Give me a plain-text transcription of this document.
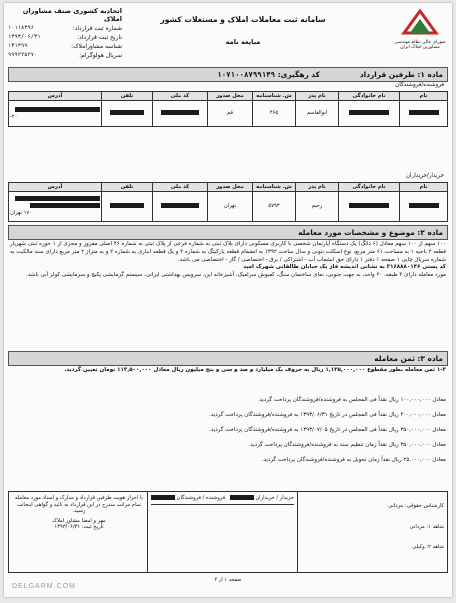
شورای عالی نظام مهندسی مشاورین املاک ایران
سامانه ثبت معاملات املاک و مستغلات کشور
مبایعه نامه
اتحادیه کشوری صنف مشاوران املاک
شماره ثبت قرارداد:
۱۰۱۱۸۳۹۶
تاریخ ثبت قرارداد:
۱۳۹۳/۰۶/۳۱
شناسه مشاوراملاک:
۱۳۱۳۹۹
سریال هولوگرام:
۹۹۹۲۲۵۲۷۰
ماده ۱: طرفین قرارداد
کد رهگیری: ۱۰۷۱۰۰۸۷۹۹۱۴۹
فروشنده/فروشندگان
نام	نام خانوادگی	نام پدر	ش. شناسنامه	محل صدور	کد ملی	تلفن	آدرس
		ابوالقاسم	۴۶۵	قم			۲۰-
خریدار/خریداران
نام	نام خانوادگی	نام پدر	ش. شناسنامه	محل صدور	کد ملی	تلفن	آدرس
		رحیم	۵۷۹۳	تهران			۱۷۰ تهران
ماده ۲: موضوع و مشخصات مورد معامله
۱۰۰ سهم از ۱۰۰ سهم معادل (۶ دانگ) یک دستگاه آپارتمان شخصی با کاربری مسکونی دارای پلاک ثبتی به شماره فرعی از پلاک ثبتی به شماره ۴۶ اصلی مفروز و مجزی از ۱ حوزه ثبتی شهریار قطعه ۲ ناحیه ۱ به مساحت ۶۱ متر مربع، نوع اسکلت بتونی و سال ساخت ۱۳۹۲ به انضمام قطعه پارکینگ به شماره ۲ و یک قطعه انباری به شماره ۲ و به متراژ ۲ متر مربع دارای سند مالکیت به شماره سریال چاپی ۱ صفحه ۱ دفتر ۱ دارای حق انشعاب آب - اشتراکی / برق - اختصاصی / گاز - اختصاصی می باشد.
کد پستی ۳۱۶۸۸۸۰۱۴۶ به نشانی اندیشه فاز یک خیابان طالقانی شهرک امید
مورد معامله دارای ۴ طبقه، ۲۰ واحد، به جهت جنوبی، نمای ساختمان سنگ، کفپوش سرامیک، آشپزخانه اپن، سرویس بهداشتی ایرانی، سیستم گرمایشی پکیج و سرمایشی کولر آبی باشد.
ماده ۳: ثمن معامله
۱-۳ ثمن معامله بطور مقطوع ۱,۱۳۵,۰۰۰,۰۰۰ ریال به حروف یک میلیارد و صد و سی و پنج میلیون ریال معادل ۱۱۳,۵۰۰,۰۰۰ تومان تعیین گردید.
معادل ۱۰۰,۰۰۰,۰۰۰ ریال نقداً فی المجلس به فروشنده/فروشندگان پرداخت گردید.
معادل ۴۰۰,۰۰۰,۰۰۰ ریال نقداً فی المجلس در تاریخ ۱۳۹۳/۰۶/۳۱ به فروشنده/فروشندگان پرداخت گردید.
معادل ۳۵۰,۰۰۰,۰۰۰ ریال نقداً فی المجلس در تاریخ ۱۳۹۳/۰۷/۰۵ به فروشنده/فروشندگان پرداخت گردید.
معادل ۳۵۰,۰۰۰,۰۰۰ ریال نقداً زمان تنظیم سند به فروشنده/فروشندگان پرداخت گردید.
معادل ۲۵,۰۰۰,۰۰۰ ریال نقداً زمان تحویل به فروشنده/فروشندگان پرداخت گردید.
کارشناس حقوقی: مردانی
شاهد ۱: مردانی
شاهد ۲: وکیلی
خریدار / خریداران
فروشنده / فروشندگان
با احراز هویت طرفین قرارداد و مدارک و اسناد مورد معامله تمام مراتب مندرج در این قرارداد به تائید و گواهی اینجانب رسید.
مهر و امضا مشاور املاک
تاریخ ثبت: ۱۳۹۳/۰۶/۳۱
صفحه ۱ از ۴
DELGARM.COM
